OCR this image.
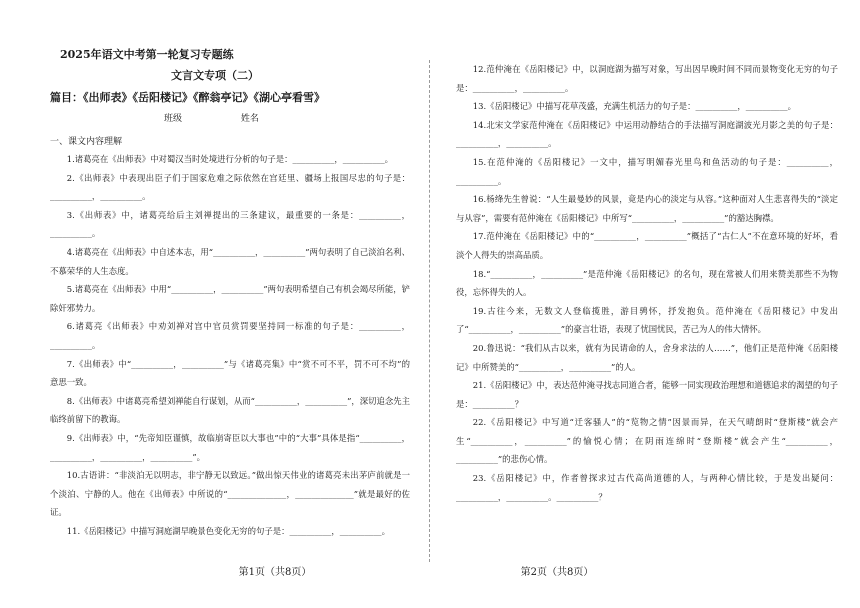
2025年语文中考第一轮复习专题练
文言文专项（二）
篇目：《出师表》《岳阳楼记》《醉翁亭记》《湖心亭看雪》
班级	姓名
一、课文内容理解
1.诸葛亮在《出师表》中对蜀汉当时处境进行分析的句子是：__________，__________。
2.《出师表》中表现出臣子们于国家危难之际依然在宫廷里、疆场上报国尽忠的句子是：__________，__________。
3.《出师表》中，诸葛亮给后主刘禅提出的三条建议，最重要的一条是：__________，__________。
4.诸葛亮在《出师表》中自述本志，用“__________，__________”两句表明了自己淡泊名利、不慕荣华的人生态度。
5.诸葛亮在《出师表》中用“__________，__________”两句表明希望自己有机会竭尽所能，铲除奸邪势力。
6.诸葛亮《出师表》中劝刘禅对宫中官员赏罚要坚持同一标准的句子是：__________，__________。
7.《出师表》中“__________，__________”与《诸葛亮集》中“赏不可不平，罚不可不均”的意思一致。
8.《出师表》中诸葛亮希望刘禅能自行谋划，从而“__________，__________”，深切追念先主临终前留下的教诲。
9.《出师表》中，“先帝知臣谨慎，故临崩寄臣以大事也”中的“大事”具体是指“__________，__________，__________，__________”。
10.古语讲：“非淡泊无以明志，非宁静无以致远。”做出惊天伟业的诸葛亮未出茅庐前就是一个淡泊、宁静的人。他在《出师表》中所说的“______________，______________”就是最好的佐证。
11.《岳阳楼记》中描写洞庭湖早晚景色变化无穷的句子是：__________，__________。
12.范仲淹在《岳阳楼记》中，以洞庭湖为描写对象，写出因早晚时间不同而景物变化无穷的句子是：__________，__________。
13.《岳阳楼记》中描写花草茂盛，充满生机活力的句子是：__________，__________。
14.北宋文学家范仲淹在《岳阳楼记》中运用动静结合的手法描写洞庭湖波光月影之美的句子是：__________，__________。
15.在范仲淹的《岳阳楼记》一文中，描写明媚春光里鸟和鱼活动的句子是：__________，__________。
16.杨绛先生曾说：“人生最曼妙的风景，竟是内心的淡定与从容。”这种面对人生悲喜得失的“淡定与从容”，需要有范仲淹在《岳阳楼记》中所写“__________，__________”的豁达胸襟。
17.范仲淹在《岳阳楼记》中的“__________，__________”概括了“古仁人”不在意环境的好坏，看淡个人得失的崇高品质。
18.“__________，__________”是范仲淹《岳阳楼记》的名句，现在常被人们用来赞美那些不为物役，忘怀得失的人。
19.古往今来，无数文人登临揽胜，游目骋怀，抒发抱负。范仲淹在《岳阳楼记》中发出了“__________，__________”的豪言壮语，表现了忧国忧民，苦己为人的伟大情怀。
20.鲁迅说：“我们从古以来，就有为民请命的人，舍身求法的人……”，他们正是范仲淹《岳阳楼记》中所赞美的“__________，__________”的人。
21.《岳阳楼记》中，表达范仲淹寻找志同道合者，能够一同实现政治理想和道德追求的渴望的句子是：__________？
22.《岳阳楼记》中写道“迁客骚人”的“览物之情”因景而异，在天气晴朗时“登斯楼”就会产生“__________，__________”的愉悦心情；在阴雨连绵时“登斯楼”就会产生“__________，__________”的悲伤心情。
23.《岳阳楼记》中，作者曾探求过古代高尚道德的人，与两种心情比较，于是发出疑问：__________，__________。__________？
第1页（共8页）	第2页（共8页）
